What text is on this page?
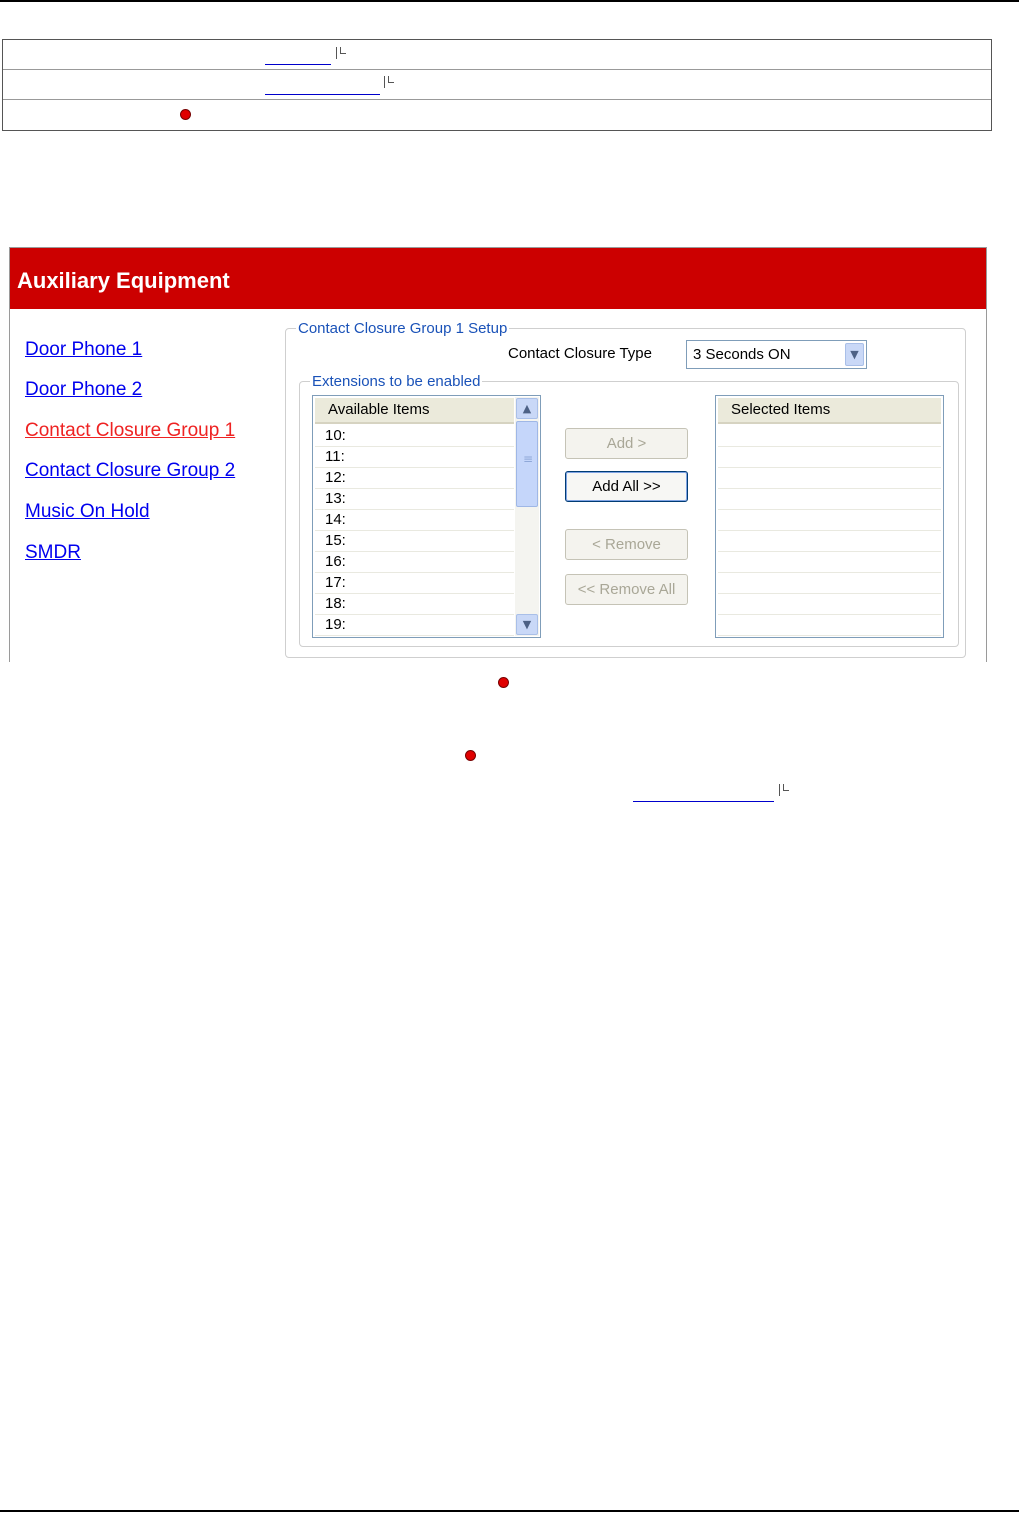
Auxiliary Equipment
Door Phone 1
Door Phone 2
Contact Closure Group 1
Contact Closure Group 2
Music On Hold
SMDR
Contact Closure Group 1 Setup
Contact Closure Type	3 Seconds ON	▼
Extensions to be enabled
Available Items
10:
11:
12:
13:
14:
15:
16:
17:
18:
19:
▲
≡
▼
Add >
Add All >>
< Remove
<< Remove All
Selected Items
